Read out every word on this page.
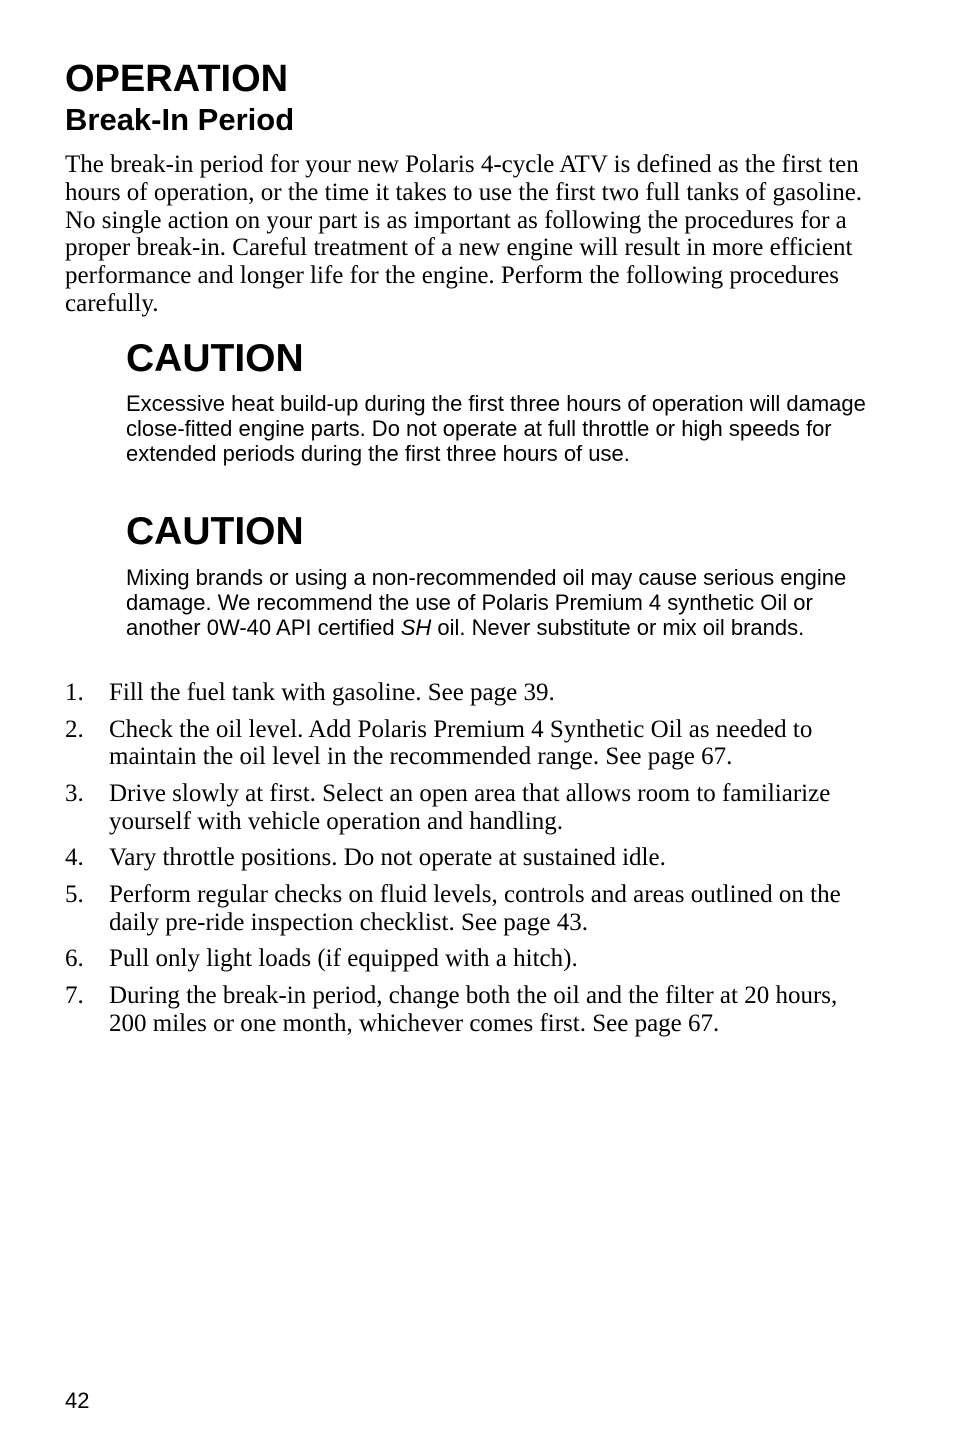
OPERATION
Break-In Period

The break-in period for your new Polaris 4-cycle ATV is defined as the first ten hours of operation, or the time it takes to use the first two full tanks of gasoline. No single action on your part is as important as following the procedures for a proper break-in. Careful treatment of a new engine will result in more efficient performance and longer life for the engine. Perform the following procedures carefully.

CAUTION

Excessive heat build-up during the first three hours of operation will damage close-fitted engine parts. Do not operate at full throttle or high speeds for extended periods during the first three hours of use.

CAUTION

Mixing brands or using a non-recommended oil may cause serious engine damage. We recommend the use of Polaris Premium 4 synthetic Oil or another 0W-40 API certified SH oil. Never substitute or mix oil brands.

1.	Fill the fuel tank with gasoline. See page 39.
2.	Check the oil level. Add Polaris Premium 4 Synthetic Oil as needed to maintain the oil level in the recommended range. See page 67.
3.	Drive slowly at first. Select an open area that allows room to familiarize yourself with vehicle operation and handling.
4.	Vary throttle positions. Do not operate at sustained idle.
5.	Perform regular checks on fluid levels, controls and areas outlined on the daily pre-ride inspection checklist. See page 43.
6.	Pull only light loads (if equipped with a hitch).
7.	During the break-in period, change both the oil and the filter at 20 hours, 200 miles or one month, whichever comes first. See page 67.
42
